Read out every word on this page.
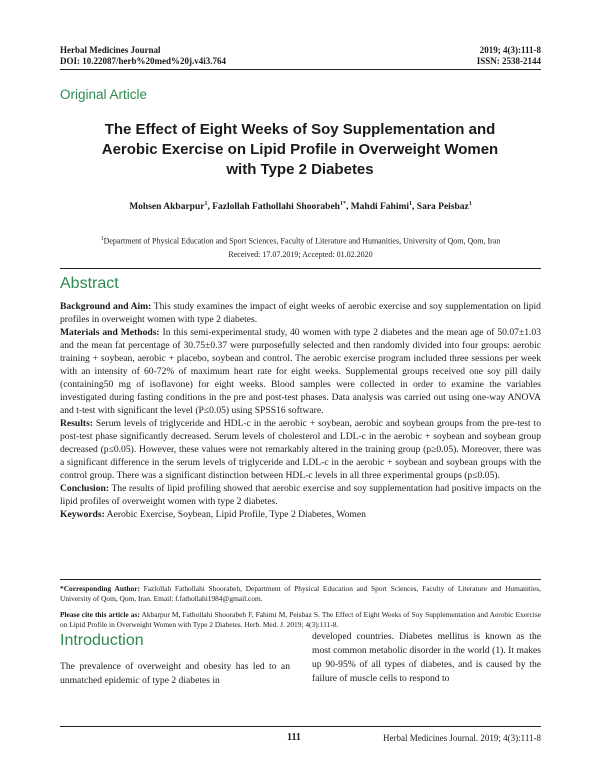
Herbal Medicines Journal
DOI: 10.22087/herb%20med%20j.v4i3.764
2019; 4(3):111-8
ISSN: 2538-2144
Original Article
The Effect of Eight Weeks of Soy Supplementation and Aerobic Exercise on Lipid Profile in Overweight Women with Type 2 Diabetes
Mohsen Akbarpur$^1$, Fazlollah Fathollahi Shoorabeh$^{1*}$, Mahdi Fahimi$^1$, Sara Peisbaz$^1$
$^1$Department of Physical Education and Sport Sciences, Faculty of Literature and Humanities, University of Qom, Qom, Iran
Received: 17.07.2019; Accepted: 01.02.2020
Abstract

Background and Aim: This study examines the impact of eight weeks of aerobic exercise and soy supplementation on lipid profiles in overweight women with type 2 diabetes.

Materials and Methods: In this semi-experimental study, 40 women with type 2 diabetes and the mean age of 50.07±1.03 and the mean fat percentage of 30.75±0.37 were purposefully selected and then randomly divided into four groups: aerobic training + soybean, aerobic + placebo, soybean and control. The aerobic exercise program included three sessions per week with an intensity of 60-72% of maximum heart rate for eight weeks. Supplemental groups received one soy pill daily (containing50 mg of isoflavone) for eight weeks. Blood samples were collected in order to examine the variables investigated during fasting conditions in the pre and post-test phases. Data analysis was carried out using one-way ANOVA and t-test with significant the level (P≤0.05) using SPSS16 software.

Results: Serum levels of triglyceride and HDL-c in the aerobic + soybean, aerobic and soybean groups from the pre-test to post-test phase significantly decreased. Serum levels of cholesterol and LDL-c in the aerobic + soybean and soybean group decreased (p≤0.05). However, these values were not remarkably altered in the training group (p≥0.05). Moreover, there was a significant difference in the serum levels of triglyceride and LDL-c in the aerobic + soybean and soybean groups with the control group. There was a significant distinction between HDL-c levels in all three experimental groups (p≤0.05).

Conclusion: The results of lipid profiling showed that aerobic exercise and soy supplementation had positive impacts on the lipid profiles of overweight women with type 2 diabetes.

Keywords: Aerobic Exercise, Soybean, Lipid Profile, Type 2 Diabetes, Women

*Corresponding Author: Fazlollah Fathollahi Shoorabeh, Department of Physical Education and Sport Sciences, Faculty of Literature and Humanities, University of Qom, Qom, Iran. Email: f.fathollahi1984@gmail.com.
Please cite this article as: Akbarpur M, Fathollahi Shoorabeh F, Fahimi M, Peisbaz S. The Effect of Eight Weeks of Soy Supplementation and Aerobic Exercise on Lipid Profile in Overweight Women with Type 2 Diabetes. Herb. Med. J. 2019; 4(3):111-8.
Introduction
The prevalence of overweight and obesity has led to an unmatched epidemic of type 2 diabetes in
developed countries. Diabetes mellitus is known as the most common metabolic disorder in the world (1). It makes up 90-95% of all types of diabetes, and is caused by the failure of muscle cells to respond to
111	Herbal Medicines Journal. 2019; 4(3):111-8
